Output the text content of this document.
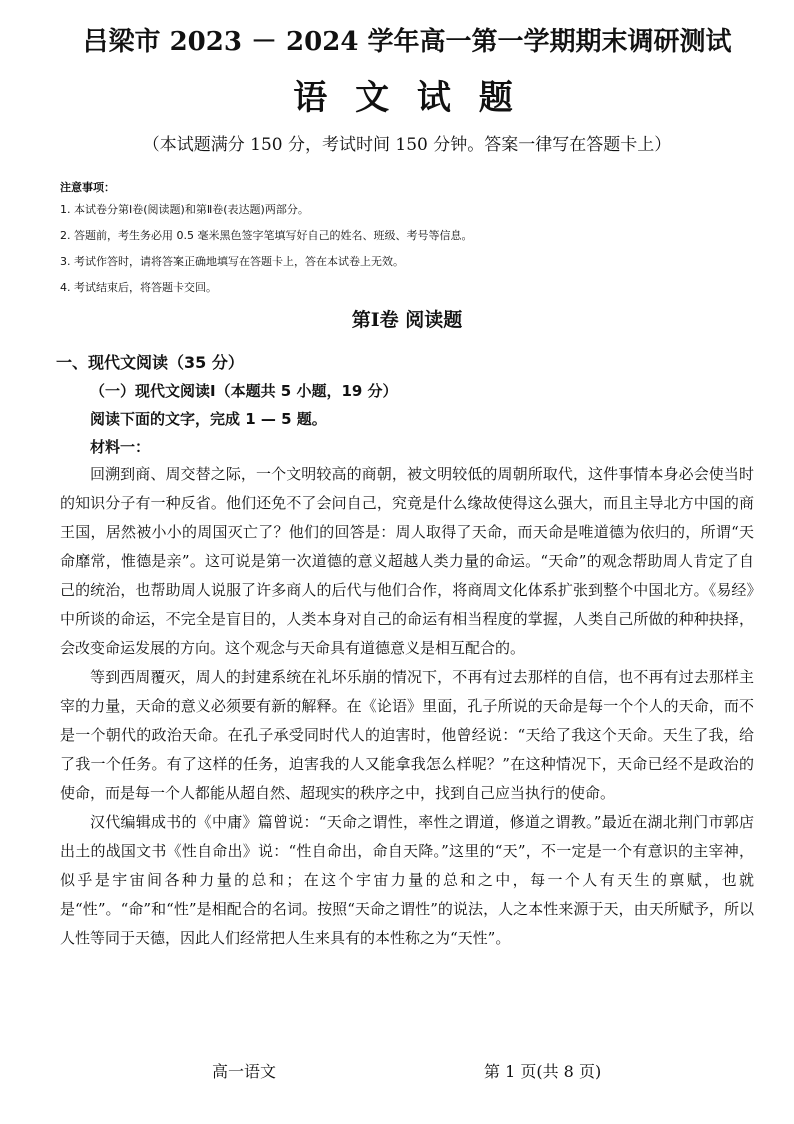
吕梁市 2023 － 2024 学年高一第一学期期末调研测试
语 文 试 题
（本试题满分 150 分，考试时间 150 分钟。答案一律写在答题卡上）
注意事项：
1. 本试卷分第Ⅰ卷(阅读题)和第Ⅱ卷(表达题)两部分。
2. 答题前，考生务必用 0.5 毫米黑色签字笔填写好自己的姓名、班级、考号等信息。
3. 考试作答时，请将答案正确地填写在答题卡上，答在本试卷上无效。
4. 考试结束后，将答题卡交回。
第Ⅰ卷 阅读题
一、现代文阅读（35 分）
（一）现代文阅读Ⅰ（本题共 5 小题，19 分）
阅读下面的文字，完成 1 — 5 题。
材料一：

回溯到商、周交替之际，一个文明较高的商朝，被文明较低的周朝所取代，这件事情本身必会使当时的知识分子有一种反省。他们还免不了会问自己，究竟是什么缘故使得这么强大，而且主导北方中国的商王国，居然被小小的周国灭亡了？他们的回答是：周人取得了天命，而天命是唯道德为依归的，所谓“天命靡常，惟德是亲”。这可说是第一次道德的意义超越人类力量的命运。“天命”的观念帮助周人肯定了自己的统治，也帮助周人说服了许多商人的后代与他们合作，将商周文化体系扩张到整个中国北方。《易经》中所谈的命运，不完全是盲目的，人类本身对自己的命运有相当程度的掌握，人类自己所做的种种抉择，会改变命运发展的方向。这个观念与天命具有道德意义是相互配合的。

等到西周覆灭，周人的封建系统在礼坏乐崩的情况下，不再有过去那样的自信，也不再有过去那样主宰的力量，天命的意义必须要有新的解释。在《论语》里面，孔子所说的天命是每一个个人的天命，而不是一个朝代的政治天命。在孔子承受同时代人的迫害时，他曾经说：“天给了我这个天命。天生了我，给了我一个任务。有了这样的任务，迫害我的人又能拿我怎么样呢？”在这种情况下，天命已经不是政治的使命，而是每一个人都能从超自然、超现实的秩序之中，找到自己应当执行的使命。

汉代编辑成书的《中庸》篇曾说：“天命之谓性，率性之谓道，修道之谓教。”最近在湖北荆门市郭店出土的战国文书《性自命出》说：“性自命出，命自天降。”这里的“天”，不一定是一个有意识的主宰神，似乎是宇宙间各种力量的总和；在这个宇宙力量的总和之中，每一个人有天生的禀赋，也就是“性”。“命”和“性”是相配合的名词。按照“天命之谓性”的说法，人之本性来源于天，由天所赋予，所以人性等同于天德，因此人们经常把人生来具有的本性称之为“天性”。

高一语文	第 1 页(共 8 页)
